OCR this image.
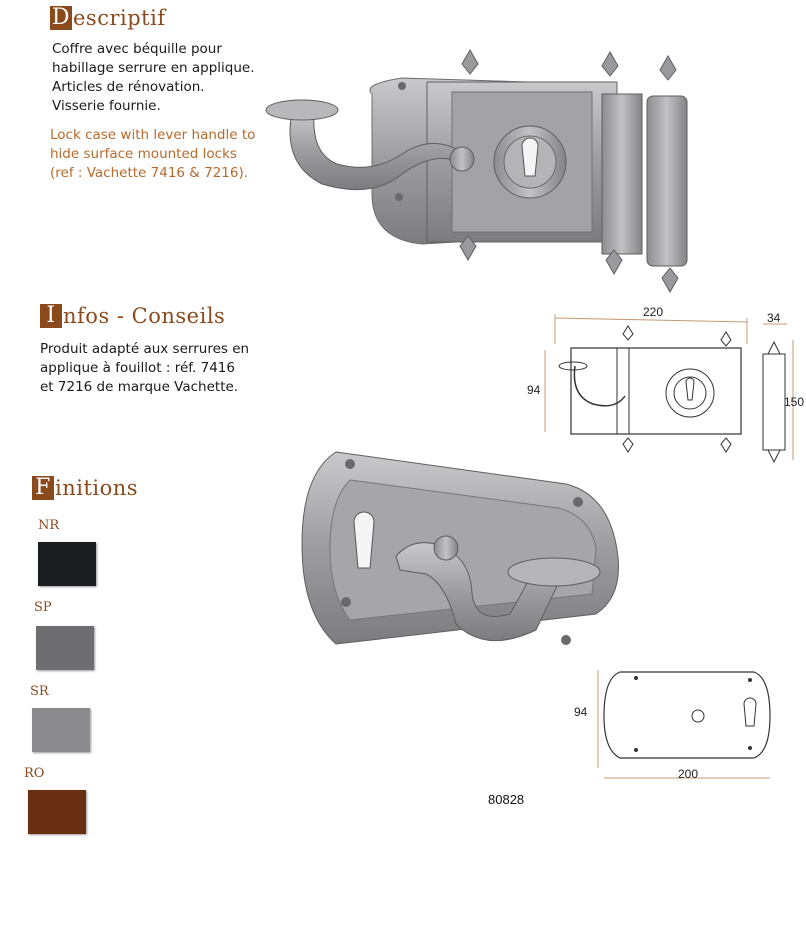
D escriptif
Coffre avec béquille pour
habillage serrure en applique.
Articles de rénovation.
Visserie fournie.
Lock case with lever handle to
hide surface mounted locks
(ref : Vachette 7416 & 7216).
I nfos - Conseils
Produit adapté aux serrures en
applique à fouillot : réf. 7416
et 7216 de marque Vachette.
F initions
NR
SP
SR
RO
220
94
34
150
94
200
80828
